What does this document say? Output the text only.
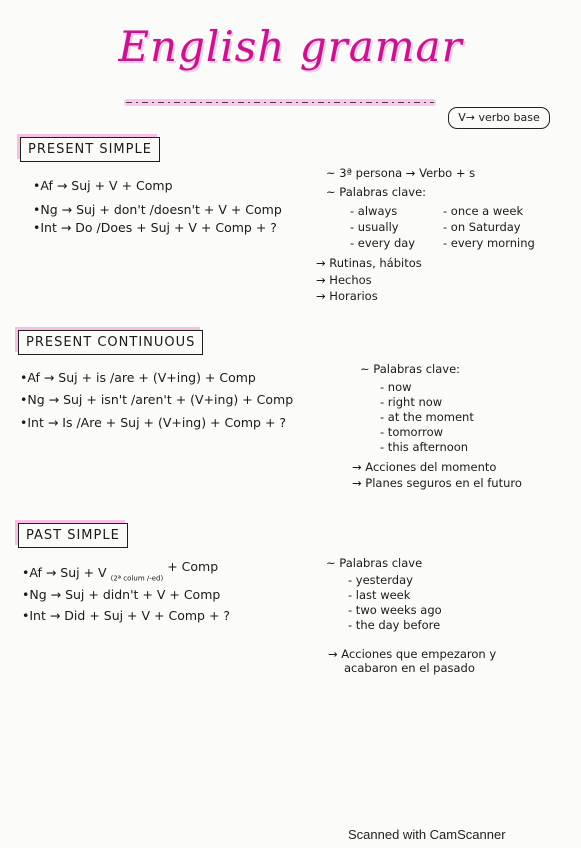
English gramar
V→ verbo base
PRESENT SIMPLE
•Af → Suj + V + Comp
•Ng → Suj + don't /doesn't + V + Comp
•Int → Do /Does + Suj + V + Comp + ?
~ 3ª persona → Verbo + s
~ Palabras clave:
- always
- usually
- every day
- once a week
- on Saturday
- every morning
→ Rutinas, hábitos
→ Hechos
→ Horarios
PRESENT CONTINUOUS
•Af → Suj + is /are + (V+ing) + Comp
•Ng → Suj + isn't /aren't + (V+ing) + Comp
•Int → Is /Are + Suj + (V+ing) + Comp + ?
~ Palabras clave:
- now
- right now
- at the moment
- tomorrow
- this afternoon
→ Acciones del momento
→ Planes seguros en el futuro
PAST SIMPLE
•Af → Suj + V $_{(2ª colum /-ed)}$ + Comp
•Ng → Suj + didn't + V + Comp
•Int → Did + Suj + V + Comp + ?
~ Palabras clave
- yesterday
- last week
- two weeks ago
- the day before
→ Acciones que empezaron y
acabaron en el pasado
Scanned with CamScanner
